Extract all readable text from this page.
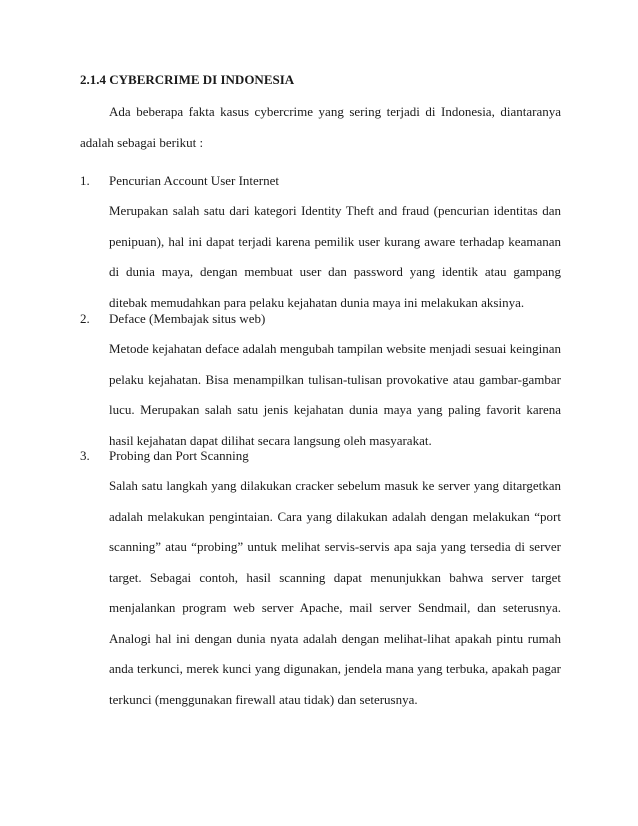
2.1.4 CYBERCRIME DI INDONESIA
Ada beberapa fakta kasus cybercrime yang sering terjadi di Indonesia, diantaranya adalah sebagai berikut :
1. Pencurian Account User Internet
Merupakan salah satu dari kategori Identity Theft and fraud (pencurian identitas dan penipuan), hal ini dapat terjadi karena pemilik user kurang aware terhadap keamanan di dunia maya, dengan membuat user dan password yang identik atau gampang ditebak memudahkan para pelaku kejahatan dunia maya ini melakukan aksinya.
2. Deface (Membajak situs web)
Metode kejahatan deface adalah mengubah tampilan website menjadi sesuai keinginan pelaku kejahatan. Bisa menampilkan tulisan-tulisan provokative atau gambar-gambar lucu. Merupakan salah satu jenis kejahatan dunia maya yang paling favorit karena hasil kejahatan dapat dilihat secara langsung oleh masyarakat.
3. Probing dan Port Scanning
Salah satu langkah yang dilakukan cracker sebelum masuk ke server yang ditargetkan adalah melakukan pengintaian. Cara yang dilakukan adalah dengan melakukan “port scanning” atau “probing” untuk melihat servis-servis apa saja yang tersedia di server target. Sebagai contoh, hasil scanning dapat menunjukkan bahwa server target menjalankan program web server Apache, mail server Sendmail, dan seterusnya. Analogi hal ini dengan dunia nyata adalah dengan melihat-lihat apakah pintu rumah anda terkunci, merek kunci yang digunakan, jendela mana yang terbuka, apakah pagar terkunci (menggunakan firewall atau tidak) dan seterusnya.
